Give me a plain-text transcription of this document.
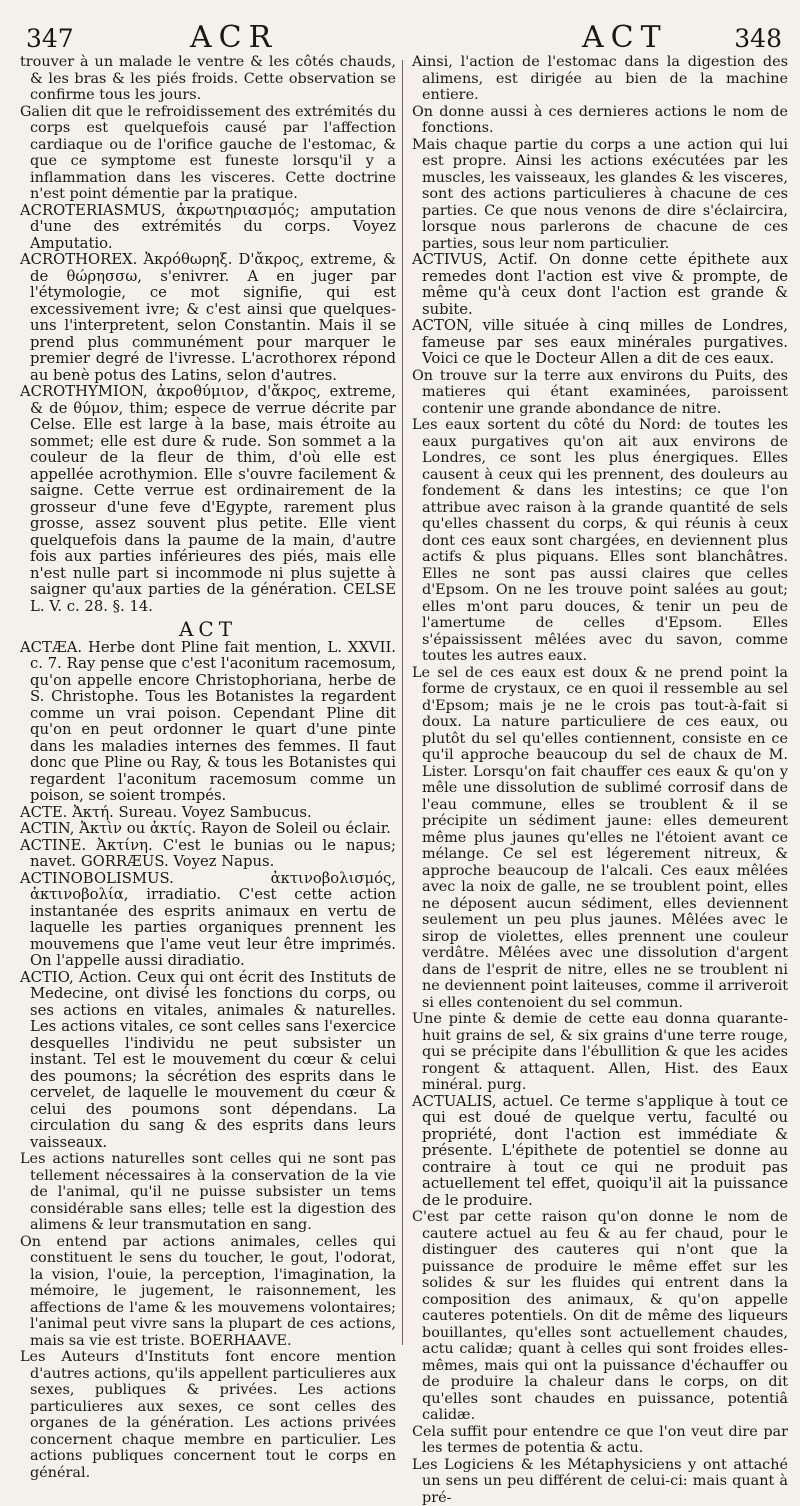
347	ACR	ACT	348

trouver à un malade le ventre & les côtés chauds, & les bras & les piés froids. Cette observation se confirme tous les jours.

Galien dit que le refroidissement des extrémités du corps est quelquefois causé par l'affection cardiaque ou de l'orifice gauche de l'estomac, & que ce symptome est funeste lorsqu'il y a inflammation dans les visceres. Cette doctrine n'est point démentie par la pratique.

ACROTERIASMUS, ἀκρωτηριασμός; amputation d'une des extrémités du corps. Voyez Amputatio.

ACROTHOREX. Ἀκρόθωρηξ. D'ἄκρος, extreme, & de θώρησσω, s'enivrer. A en juger par l'étymologie, ce mot signifie, qui est excessivement ivre; & c'est ainsi que quelques-uns l'interpretent, selon Constantin. Mais il se prend plus communément pour marquer le premier degré de l'ivresse. L'acrothorex répond au benè potus des Latins, selon d'autres.

ACROTHYMION, ἀκροθύμιον, d'ἄκρος, extreme, & de θύμον, thim; espece de verrue décrite par Celse. Elle est large à la base, mais étroite au sommet; elle est dure & rude. Son sommet a la couleur de la fleur de thim, d'où elle est appellée acrothymion. Elle s'ouvre facilement & saigne. Cette verrue est ordinairement de la grosseur d'une feve d'Egypte, rarement plus grosse, assez souvent plus petite. Elle vient quelquefois dans la paume de la main, d'autre fois aux parties inférieures des piés, mais elle n'est nulle part si incommode ni plus sujette à saigner qu'aux parties de la génération. CELSE L. V. c. 28. §. 14.

ACT

ACTÆA. Herbe dont Pline fait mention, L. XXVII. c. 7. Ray pense que c'est l'aconitum racemosum, qu'on appelle encore Christophoriana, herbe de S. Christophe. Tous les Botanistes la regardent comme un vrai poison. Cependant Pline dit qu'on en peut ordonner le quart d'une pinte dans les maladies internes des femmes. Il faut donc que Pline ou Ray, & tous les Botanistes qui regardent l'aconitum racemosum comme un poison, se soient trompés.

ACTE. Ἀκτή. Sureau. Voyez Sambucus.

ACTIN, Ἀκτὶν ou ἀκτίς. Rayon de Soleil ou éclair.

ACTINE. Ἀκτίνη. C'est le bunias ou le napus; navet. GORRÆUS. Voyez Napus.

ACTINOBOLISMUS. ἀκτινοβολισμός, ἀκτινοβολία, irradiatio. C'est cette action instantanée des esprits animaux en vertu de laquelle les parties organiques prennent les mouvemens que l'ame veut leur être imprimés. On l'appelle aussi diradiatio.

ACTIO, Action. Ceux qui ont écrit des Instituts de Medecine, ont divisé les fonctions du corps, ou ses actions en vitales, animales & naturelles. Les actions vitales, ce sont celles sans l'exercice desquelles l'individu ne peut subsister un instant. Tel est le mouvement du cœur & celui des poumons; la sécrétion des esprits dans le cervelet, de laquelle le mouvement du cœur & celui des poumons sont dépendans. La circulation du sang & des esprits dans leurs vaisseaux.

Les actions naturelles sont celles qui ne sont pas tellement nécessaires à la conservation de la vie de l'animal, qu'il ne puisse subsister un tems considérable sans elles; telle est la digestion des alimens & leur transmutation en sang.

On entend par actions animales, celles qui constituent le sens du toucher, le gout, l'odorat, la vision, l'ouie, la perception, l'imagination, la mémoire, le jugement, le raisonnement, les affections de l'ame & les mouvemens volontaires; l'animal peut vivre sans la plupart de ces actions, mais sa vie est triste. BOERHAAVE.

Les Auteurs d'Instituts font encore mention d'autres actions, qu'ils appellent particulieres aux sexes, publiques & privées. Les actions particulieres aux sexes, ce sont celles des organes de la génération. Les actions privées concernent chaque membre en particulier. Les actions publiques concernent tout le corps en général.

Ainsi, l'action de l'estomac dans la digestion des alimens, est dirigée au bien de la machine entiere.

On donne aussi à ces dernieres actions le nom de fonctions.

Mais chaque partie du corps a une action qui lui est propre. Ainsi les actions exécutées par les muscles, les vaisseaux, les glandes & les visceres, sont des actions particulieres à chacune de ces parties. Ce que nous venons de dire s'éclaircira, lorsque nous parlerons de chacune de ces parties, sous leur nom particulier.

ACTIVUS, Actif. On donne cette épithete aux remedes dont l'action est vive & prompte, de même qu'à ceux dont l'action est grande & subite.

ACTON, ville située à cinq milles de Londres, fameuse par ses eaux minérales purgatives. Voici ce que le Docteur Allen a dit de ces eaux.

On trouve sur la terre aux environs du Puits, des matieres qui étant examinées, paroissent contenir une grande abondance de nitre.

Les eaux sortent du côté du Nord: de toutes les eaux purgatives qu'on ait aux environs de Londres, ce sont les plus énergiques. Elles causent à ceux qui les prennent, des douleurs au fondement & dans les intestins; ce que l'on attribue avec raison à la grande quantité de sels qu'elles chassent du corps, & qui réunis à ceux dont ces eaux sont chargées, en deviennent plus actifs & plus piquans. Elles sont blanchâtres. Elles ne sont pas aussi claires que celles d'Epsom. On ne les trouve point salées au gout; elles m'ont paru douces, & tenir un peu de l'amertume de celles d'Epsom. Elles s'épaississent mêlées avec du savon, comme toutes les autres eaux.

Le sel de ces eaux est doux & ne prend point la forme de crystaux, ce en quoi il ressemble au sel d'Epsom; mais je ne le crois pas tout-à-fait si doux. La nature particuliere de ces eaux, ou plutôt du sel qu'elles contiennent, consiste en ce qu'il approche beaucoup du sel de chaux de M. Lister. Lorsqu'on fait chauffer ces eaux & qu'on y mêle une dissolution de sublimé corrosif dans de l'eau commune, elles se troublent & il se précipite un sédiment jaune: elles demeurent même plus jaunes qu'elles ne l'étoient avant ce mélange. Ce sel est légerement nitreux, & approche beaucoup de l'alcali. Ces eaux mêlées avec la noix de galle, ne se troublent point, elles ne déposent aucun sédiment, elles deviennent seulement un peu plus jaunes. Mêlées avec le sirop de violettes, elles prennent une couleur verdâtre. Mêlées avec une dissolution d'argent dans de l'esprit de nitre, elles ne se troublent ni ne deviennent point laiteuses, comme il arriveroit si elles contenoient du sel commun.

Une pinte & demie de cette eau donna quarante-huit grains de sel, & six grains d'une terre rouge, qui se précipite dans l'ébullition & que les acides rongent & attaquent. Allen, Hist. des Eaux minéral. purg.

ACTUALIS, actuel. Ce terme s'applique à tout ce qui est doué de quelque vertu, faculté ou propriété, dont l'action est immédiate & présente. L'épithete de potentiel se donne au contraire à tout ce qui ne produit pas actuellement tel effet, quoiqu'il ait la puissance de le produire.

C'est par cette raison qu'on donne le nom de cautere actuel au feu & au fer chaud, pour le distinguer des cauteres qui n'ont que la puissance de produire le même effet sur les solides & sur les fluides qui entrent dans la composition des animaux, & qu'on appelle cauteres potentiels. On dit de même des liqueurs bouillantes, qu'elles sont actuellement chaudes, actu calidæ; quant à celles qui sont froides elles-mêmes, mais qui ont la puissance d'échauffer ou de produire la chaleur dans le corps, on dit qu'elles sont chaudes en puissance, potentiâ calidæ.

Cela suffit pour entendre ce que l'on veut dire par les termes de potentia & actu.

Les Logiciens & les Métaphysiciens y ont attaché un sens un peu différent de celui-ci: mais quant à pré-
